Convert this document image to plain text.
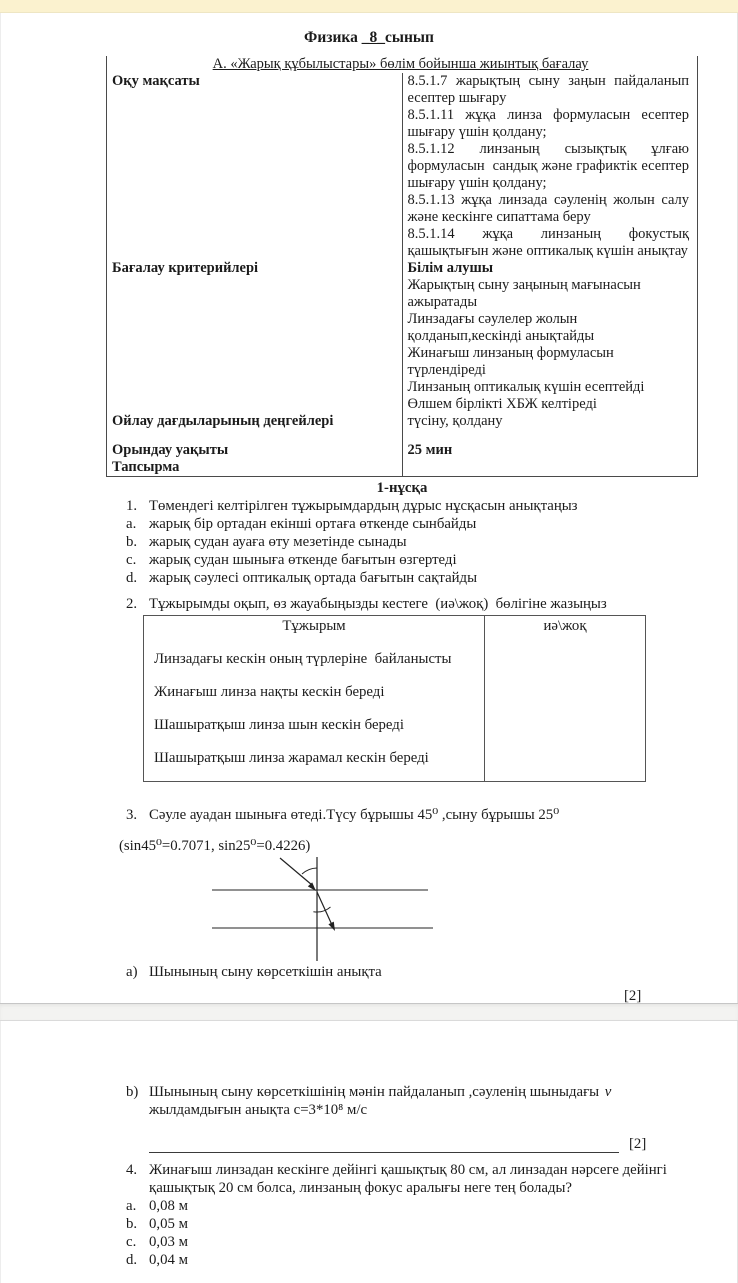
Физика _8_сынып
А. «Жарық құбылыстары» бөлім бойынша жиынтық бағалау	
Оқу мақсаты	8.5.1.7 жарықтың сыну заңын пайдаланып есептер шығару
8.5.1.11 жұқа линза формуласын есептер шығару үшін қолдану;
8.5.1.12 линзаның сызықтық ұлғаю формуласын  сандық және графиктік есептер шығару үшін қолдану;
8.5.1.13 жұқа линзада сәуленің жолын салу және кескінге сипаттама беру
8.5.1.14 жұқа линзаның фокустық қашықтығын және оптикалық күшін анықтау

Бағалау критерийлері	Білім алушы
Жарықтың сыну заңының мағынасын ажыратады
Линзадағы сәулелер жолын қолданып,кескінді анықтайды
Жинағыш линзаның формуласын түрлендіреді
Линзаның оптикалық күшін есептейді
Өлшем бірлікті ХБЖ келтіреді

Ойлау дағдыларының деңгейлері	түсіну, қолдану
Орындау уақыты	25 мин
Тапсырма	
1-нұсқа
1. Төмендегі келтірілген тұжырымдардың дұрыс нұсқасын анықтаңыз
a. жарық бір ортадан екінші ортаға өткенде сынбайды
b. жарық судан ауаға өту мезетінде сынады
c. жарық судан шыныға өткенде бағытын өзгертеді
d. жарық сәулесі оптикалық ортада бағытын сақтайды
2. Тұжырымды оқып, өз жауабыңызды кестеге  (иә\жоқ)  бөлігіне жазыңыз
Тұжырым	иә\жоқ
Линзадағы кескін оның түрлеріне  байланысты	
Жинағыш линза нақты кескін береді	
Шашыратқыш линза шын кескін береді	
Шашыратқыш линза жарамал кескін береді	
3. Сәуле ауадан шыныға өтеді.Түсу бұрышы 45⁰ ,сыну бұрышы 25⁰
(sin45⁰=0.7071, sin25⁰=0.4226)
а) Шынының сыну көрсеткішін анықта
[2]
b) Шынының сыну көрсеткішінің мәнін пайдаланып ,сәуленің шыныдағы v
жылдамдығын анықта c=3*10⁸ м/с
[2]
4. Жинағыш линзадан кескінге дейінгі қашықтық 80 см, ал линзадан нәрсеге дейінгі
қашықтық 20 см болса, линзаның фокус аралығы неге тең болады?
a. 0,08 м
b. 0,05 м
c. 0,03 м
d. 0,04 м
